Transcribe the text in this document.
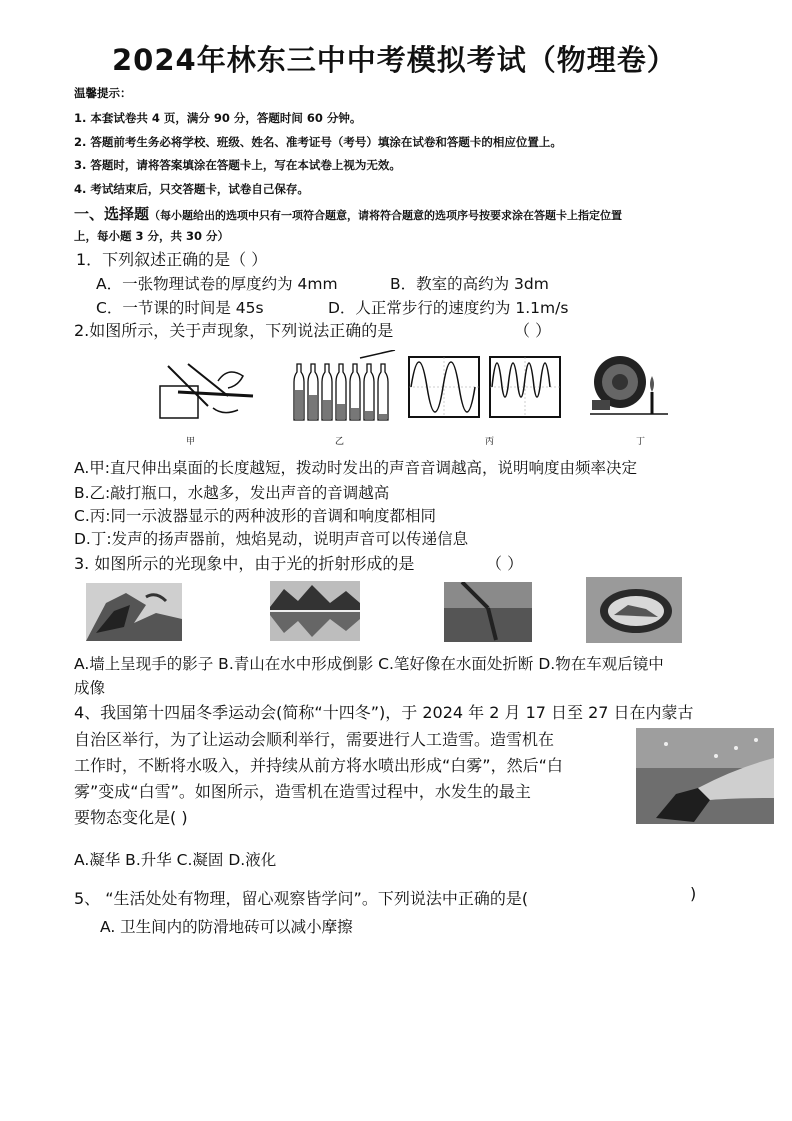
2024年林东三中中考模拟考试（物理卷）
温馨提示：
1. 本套试卷共 4 页，满分 90 分，答题时间 60 分钟。
2. 答题前考生务必将学校、班级、姓名、准考证号（考号）填涂在试卷和答题卡的相应位置上。
3. 答题时，请将答案填涂在答题卡上，写在本试卷上视为无效。
4. 考试结束后，只交答题卡，试卷自己保存。
一、选择题（每小题给出的选项中只有一项符合题意，请将符合题意的选项序号按要求涂在答题卡上指定位置
上，每小题 3 分，共 30 分）
1．下列叙述正确的是（ ）
A．一张物理试卷的厚度约为 4mm	B．教室的高约为 3dm
C．一节课的时间是 45s	D．人正常步行的速度约为 1.1m/s
2.如图所示，关于声现象，下列说法正确的是	（ ）
甲	乙	丙	丁
A.甲:直尺伸出桌面的长度越短，拨动时发出的声音音调越高，说明响度由频率决定
B.乙:敲打瓶口，水越多，发出声音的音调越高
C.丙:同一示波器显示的两种波形的音调和响度都相同
D.丁:发声的扬声器前，烛焰晃动，说明声音可以传递信息
3. 如图所示的光现象中，由于光的折射形成的是	（ ）
A.墙上呈现手的影子 B.青山在水中形成倒影 C.笔好像在水面处折断 D.物在车观后镜中
成像
4、我国第十四届冬季运动会(简称“十四冬”)，于 2024 年 2 月 17 日至 27 日在内蒙古
自治区举行，为了让运动会顺利举行，需要进行人工造雪。造雪机在
工作时，不断将水吸入，并持续从前方将水喷出形成“白雾”，然后“白
雾”变成“白雪”。如图所示，造雪机在造雪过程中，水发生的最主
要物态变化是( )
A.凝华 B.升华 C.凝固 D.液化
5、 “生活处处有物理，留心观察皆学问”。下列说法中正确的是(	)
A. 卫生间内的防滑地砖可以减小摩擦
